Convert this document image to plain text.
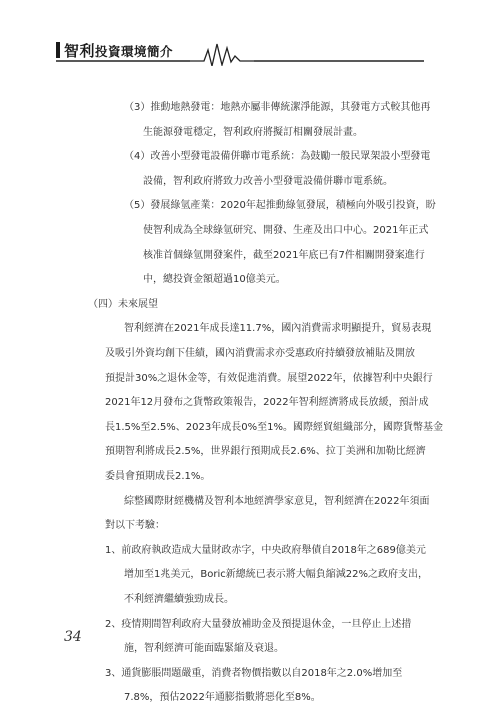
智利投資環境簡介
（3）推動地熱發電：地熱亦屬非傳統潔淨能源，其發電方式較其他再
生能源發電穩定，智利政府將擬訂相關發展計畫。
（4）改善小型發電設備併聯市電系統：為鼓勵一般民眾架設小型發電
設備，智利政府將致力改善小型發電設備併聯市電系統。
（5）發展綠氫產業：2020年起推動綠氫發展，積極向外吸引投資，盼
使智利成為全球綠氫研究、開發、生產及出口中心。2021年正式
核准首個綠氫開發案件，截至2021年底已有7件相關開發案進行
中，總投資金額超過10億美元。
（四）未來展望
智利經濟在2021年成長達11.7%，國內消費需求明顯提升，貿易表現
及吸引外資均創下佳績，國內消費需求亦受惠政府持續發放補貼及開放
預提計30%之退休金等，有效促進消費。展望2022年，依據智利中央銀行
2021年12月發布之貨幣政策報告，2022年智利經濟將成長放緩，預計成
長1.5%至2.5%、2023年成長0%至1%。國際經貿組織部分，國際貨幣基金
預期智利將成長2.5%，世界銀行預期成長2.6%、拉丁美洲和加勒比經濟
委員會預期成長2.1%。
綜整國際財經機構及智利本地經濟學家意見，智利經濟在2022年須面
對以下考驗：
1、前政府執政造成大量財政赤字，中央政府舉債自2018年之689億美元
增加至1兆美元，Boric新總統已表示將大幅負縮減22%之政府支出，
不利經濟繼續強勁成長。
2、疫情期間智利政府大量發放補助金及預提退休金，一旦停止上述措
施，智利經濟可能面臨緊縮及衰退。
3、通貨膨脹問題嚴重，消費者物價指數以自2018年之2.0%增加至
7.8%，預估2022年通膨指數將惡化至8%。
34
